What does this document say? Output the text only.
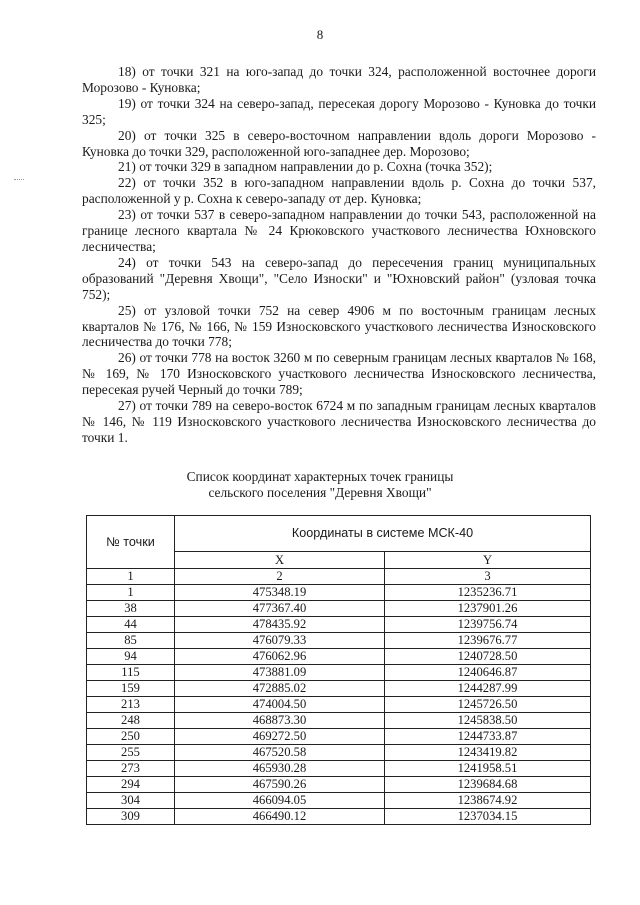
8

18) от точки 321 на юго-запад до точки 324, расположенной восточнее дороги Морозово - Куновка;

19) от точки 324 на северо-запад, пересекая дорогу Морозово - Куновка до точки 325;

20) от точки 325 в северо-восточном направлении вдоль дороги Морозово - Куновка до точки 329, расположенной юго-западнее дер. Морозово;

21) от точки 329 в западном направлении до р. Сохна (точка 352);

22) от точки 352 в юго-западном направлении вдоль р. Сохна до точки 537, расположенной у р. Сохна к северо-западу от дер. Куновка;

23) от точки 537 в северо-западном направлении до точки 543, расположенной на границе лесного квартала № 24 Крюковского участкового лесничества Юхновского лесничества;

24) от точки 543 на северо-запад до пересечения границ муниципальных образований "Деревня Хвощи", "Село Износки" и "Юхновский район" (узловая точка 752);

25) от узловой точки 752 на север 4906 м по восточным границам лесных кварталов № 176, № 166, № 159 Износковского участкового лесничества Износковского лесничества до точки 778;

26) от точки 778 на восток 3260 м по северным границам лесных кварталов № 168, № 169, № 170 Износковского участкового лесничества Износковского лесничества, пересекая ручей Черный до точки 789;

27) от точки 789 на северо-восток 6724 м по западным границам лесных кварталов № 146, № 119 Износковского участкового лесничества Износковского лесничества до точки 1.

Список координат характерных точек границы
сельского поселения "Деревня Хвощи"
№ точки	Координаты в системе МСК-40	
	X	Y
1	2	3
1	475348.19	1235236.71
38	477367.40	1237901.26
44	478435.92	1239756.74
85	476079.33	1239676.77
94	476062.96	1240728.50
115	473881.09	1240646.87
159	472885.02	1244287.99
213	474004.50	1245726.50
248	468873.30	1245838.50
250	469272.50	1244733.87
255	467520.58	1243419.82
273	465930.28	1241958.51
294	467590.26	1239684.68
304	466094.05	1238674.92
309	466490.12	1237034.15
